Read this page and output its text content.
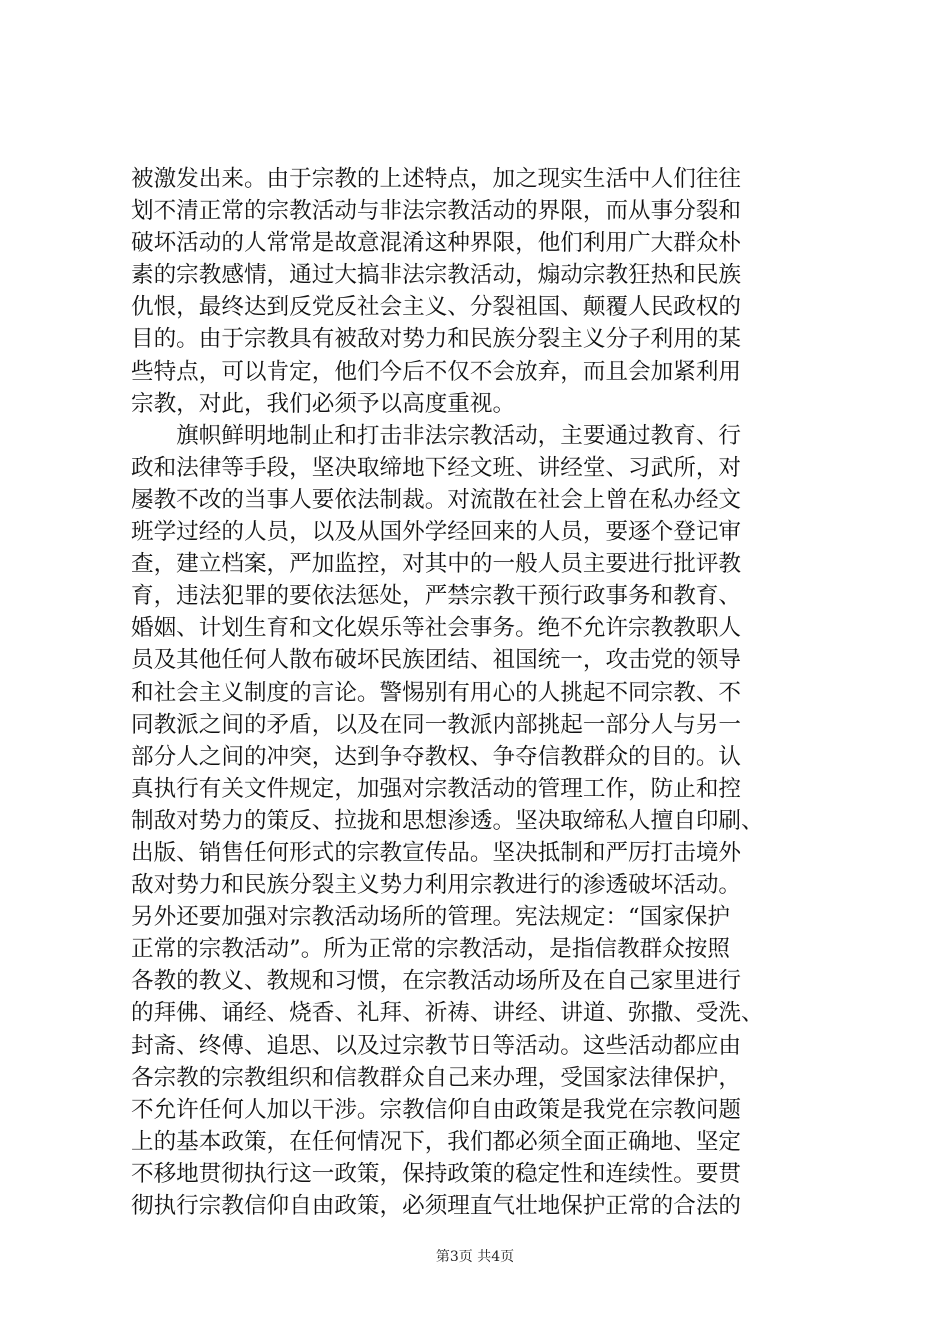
被激发出来。由于宗教的上述特点，加之现实生活中人们往往
划不清正常的宗教活动与非法宗教活动的界限，而从事分裂和
破坏活动的人常常是故意混淆这种界限，他们利用广大群众朴
素的宗教感情，通过大搞非法宗教活动，煽动宗教狂热和民族
仇恨，最终达到反党反社会主义、分裂祖国、颠覆人民政权的
目的。由于宗教具有被敌对势力和民族分裂主义分子利用的某
些特点，可以肯定，他们今后不仅不会放弃，而且会加紧利用
宗教，对此，我们必须予以高度重视。
　　旗帜鲜明地制止和打击非法宗教活动，主要通过教育、行
政和法律等手段，坚决取缔地下经文班、讲经堂、习武所，对
屡教不改的当事人要依法制裁。对流散在社会上曾在私办经文
班学过经的人员，以及从国外学经回来的人员，要逐个登记审
查，建立档案，严加监控，对其中的一般人员主要进行批评教
育，违法犯罪的要依法惩处，严禁宗教干预行政事务和教育、
婚姻、计划生育和文化娱乐等社会事务。绝不允许宗教教职人
员及其他任何人散布破坏民族团结、祖国统一，攻击党的领导
和社会主义制度的言论。警惕别有用心的人挑起不同宗教、不
同教派之间的矛盾，以及在同一教派内部挑起一部分人与另一
部分人之间的冲突，达到争夺教权、争夺信教群众的目的。认
真执行有关文件规定，加强对宗教活动的管理工作，防止和控
制敌对势力的策反、拉拢和思想渗透。坚决取缔私人擅自印刷、
出版、销售任何形式的宗教宣传品。坚决抵制和严厉打击境外
敌对势力和民族分裂主义势力利用宗教进行的渗透破坏活动。
另外还要加强对宗教活动场所的管理。宪法规定：“国家保护
正常的宗教活动”。所为正常的宗教活动，是指信教群众按照
各教的教义、教规和习惯，在宗教活动场所及在自己家里进行
的拜佛、诵经、烧香、礼拜、祈祷、讲经、讲道、弥撒、受洗、
封斋、终傅、追思、以及过宗教节日等活动。这些活动都应由
各宗教的宗教组织和信教群众自己来办理，受国家法律保护，
不允许任何人加以干涉。宗教信仰自由政策是我党在宗教问题
上的基本政策，在任何情况下，我们都必须全面正确地、坚定
不移地贯彻执行这一政策，保持政策的稳定性和连续性。要贯
彻执行宗教信仰自由政策，必须理直气壮地保护正常的合法的
第3页 共4页
